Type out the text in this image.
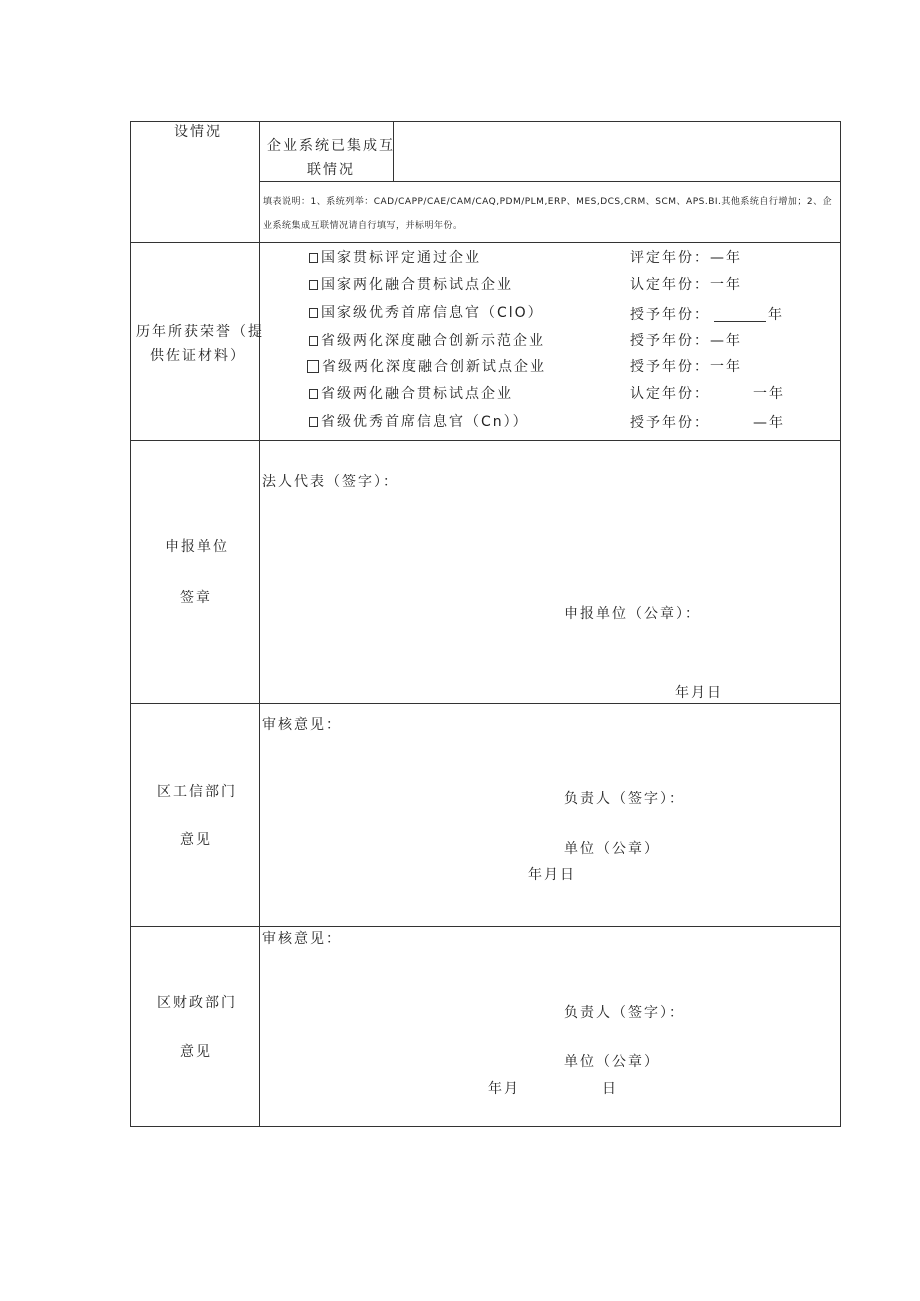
设情况
企业系统已集成互
联情况
填表说明：1、系统列举：CAD/CAPP/CAE/CAM/CAQ,PDM/PLM,ERP、MES,DCS,CRM、SCM、APS.BI.其他系统自行增加；2、企
业系统集成互联情况请自行填写，并标明年份。
历年所获荣誉（提
供佐证材料）
国家贯标评定通过企业	评定年份：—年
国家两化融合贯标试点企业	认定年份：一年
国家级优秀首席信息官（ClO）	授予年份：	年
省级两化深度融合创新示范企业	授予年份：—年
省级两化深度融合创新试点企业	授予年份：一年
省级两化融合贯标试点企业	认定年份：	一年
省级优秀首席信息官（Cn））	授予年份：	—年
申报单位
签章
法人代表（签字）：
申报单位（公章）：
年月日
区工信部门
意见
审核意见：
负责人（签字）：
单位（公章）
年月日
区财政部门
意见
审核意见：
负责人（签字）：
单位（公章）
年月	日
